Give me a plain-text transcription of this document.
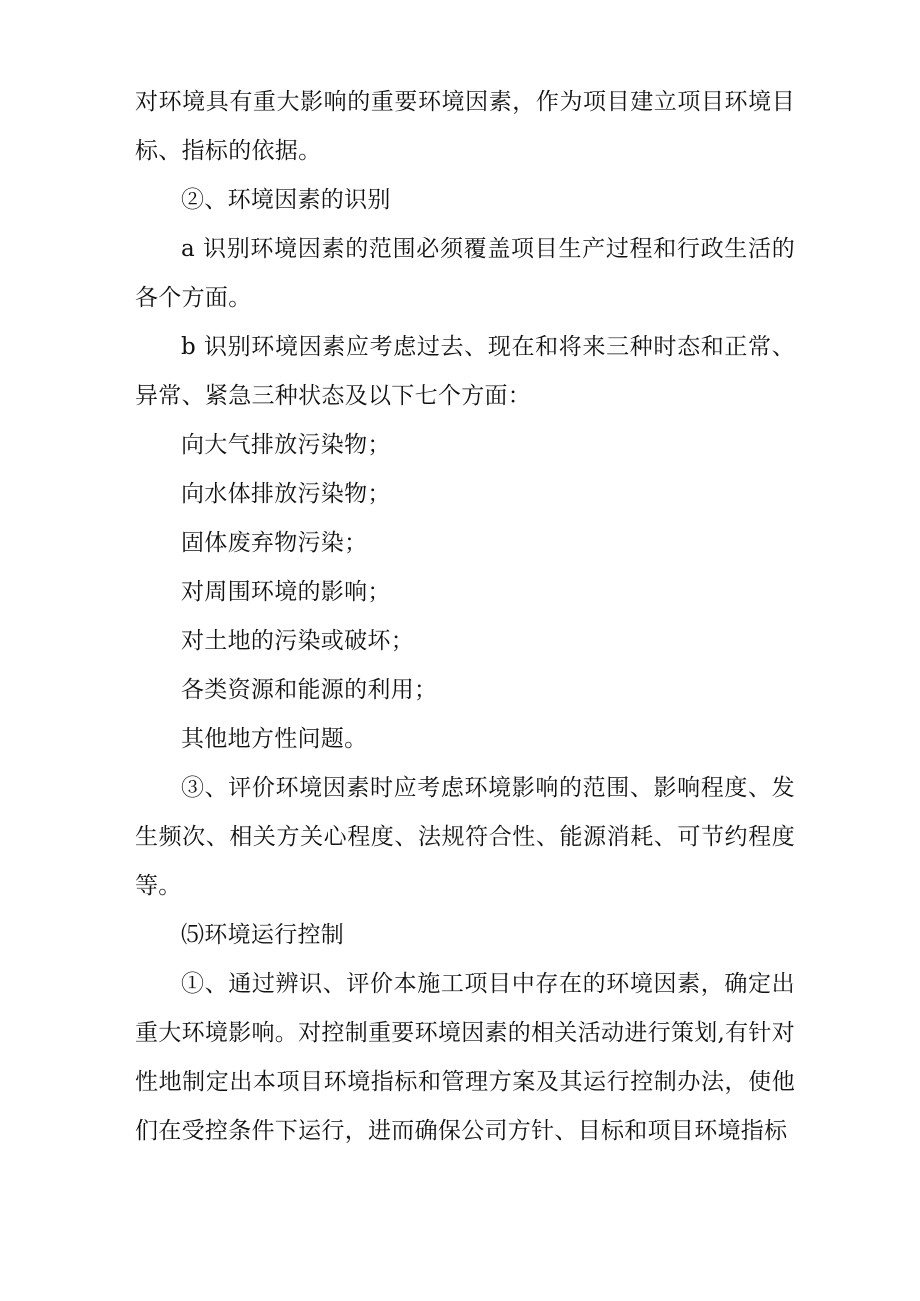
对环境具有重大影响的重要环境因素，作为项目建立项目环境目标、指标的依据。

②、环境因素的识别

a 识别环境因素的范围必须覆盖项目生产过程和行政生活的各个方面。

b 识别环境因素应考虑过去、现在和将来三种时态和正常、异常、紧急三种状态及以下七个方面：

向大气排放污染物；

向水体排放污染物；

固体废弃物污染；

对周围环境的影响；

对土地的污染或破坏；

各类资源和能源的利用；

其他地方性问题。

③、评价环境因素时应考虑环境影响的范围、影响程度、发生频次、相关方关心程度、法规符合性、能源消耗、可节约程度等。

⑸环境运行控制

①、通过辨识、评价本施工项目中存在的环境因素，确定出重大环境影响。对控制重要环境因素的相关活动进行策划,有针对性地制定出本项目环境指标和管理方案及其运行控制办法，使他们在受控条件下运行，进而确保公司方针、目标和项目环境指标
